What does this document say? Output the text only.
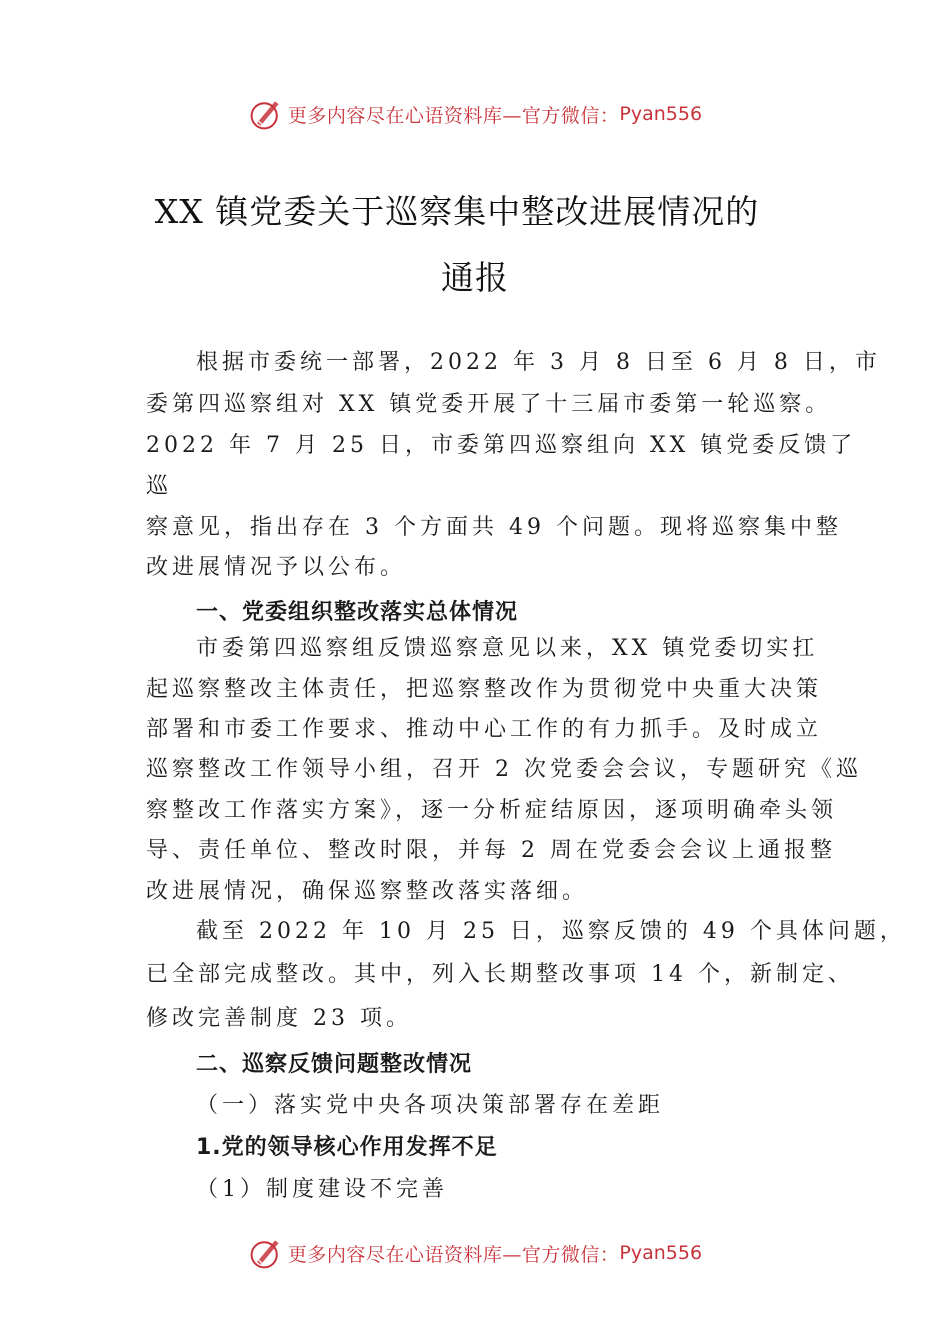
更多内容尽在心语资料库—官方微信： Pyan556
XX 镇党委关于巡察集中整改进展情况的
通报
根据市委统一部署，2022 年 3 月 8 日至 6 月 8 日，市
委第四巡察组对 XX 镇党委开展了十三届市委第一轮巡察。
2022 年 7 月 25 日，市委第四巡察组向 XX 镇党委反馈了
巡
察意见，指出存在 3 个方面共 49 个问题。现将巡察集中整
改进展情况予以公布。
一、党委组织整改落实总体情况
市委第四巡察组反馈巡察意见以来，XX 镇党委切实扛
起巡察整改主体责任，把巡察整改作为贯彻党中央重大决策
部署和市委工作要求、推动中心工作的有力抓手。及时成立
巡察整改工作领导小组，召开 2 次党委会会议，专题研究《巡
察整改工作落实方案》，逐一分析症结原因，逐项明确牵头领
导、责任单位、整改时限，并每 2 周在党委会会议上通报整
改进展情况，确保巡察整改落实落细。
截至 2022 年 10 月 25 日，巡察反馈的 49 个具体问题，
已全部完成整改。其中，列入长期整改事项 14 个，新制定、
修改完善制度 23 项。
二、巡察反馈问题整改情况
（一）落实党中央各项决策部署存在差距
1.党的领导核心作用发挥不足
（1）制度建设不完善
更多内容尽在心语资料库—官方微信： Pyan556
